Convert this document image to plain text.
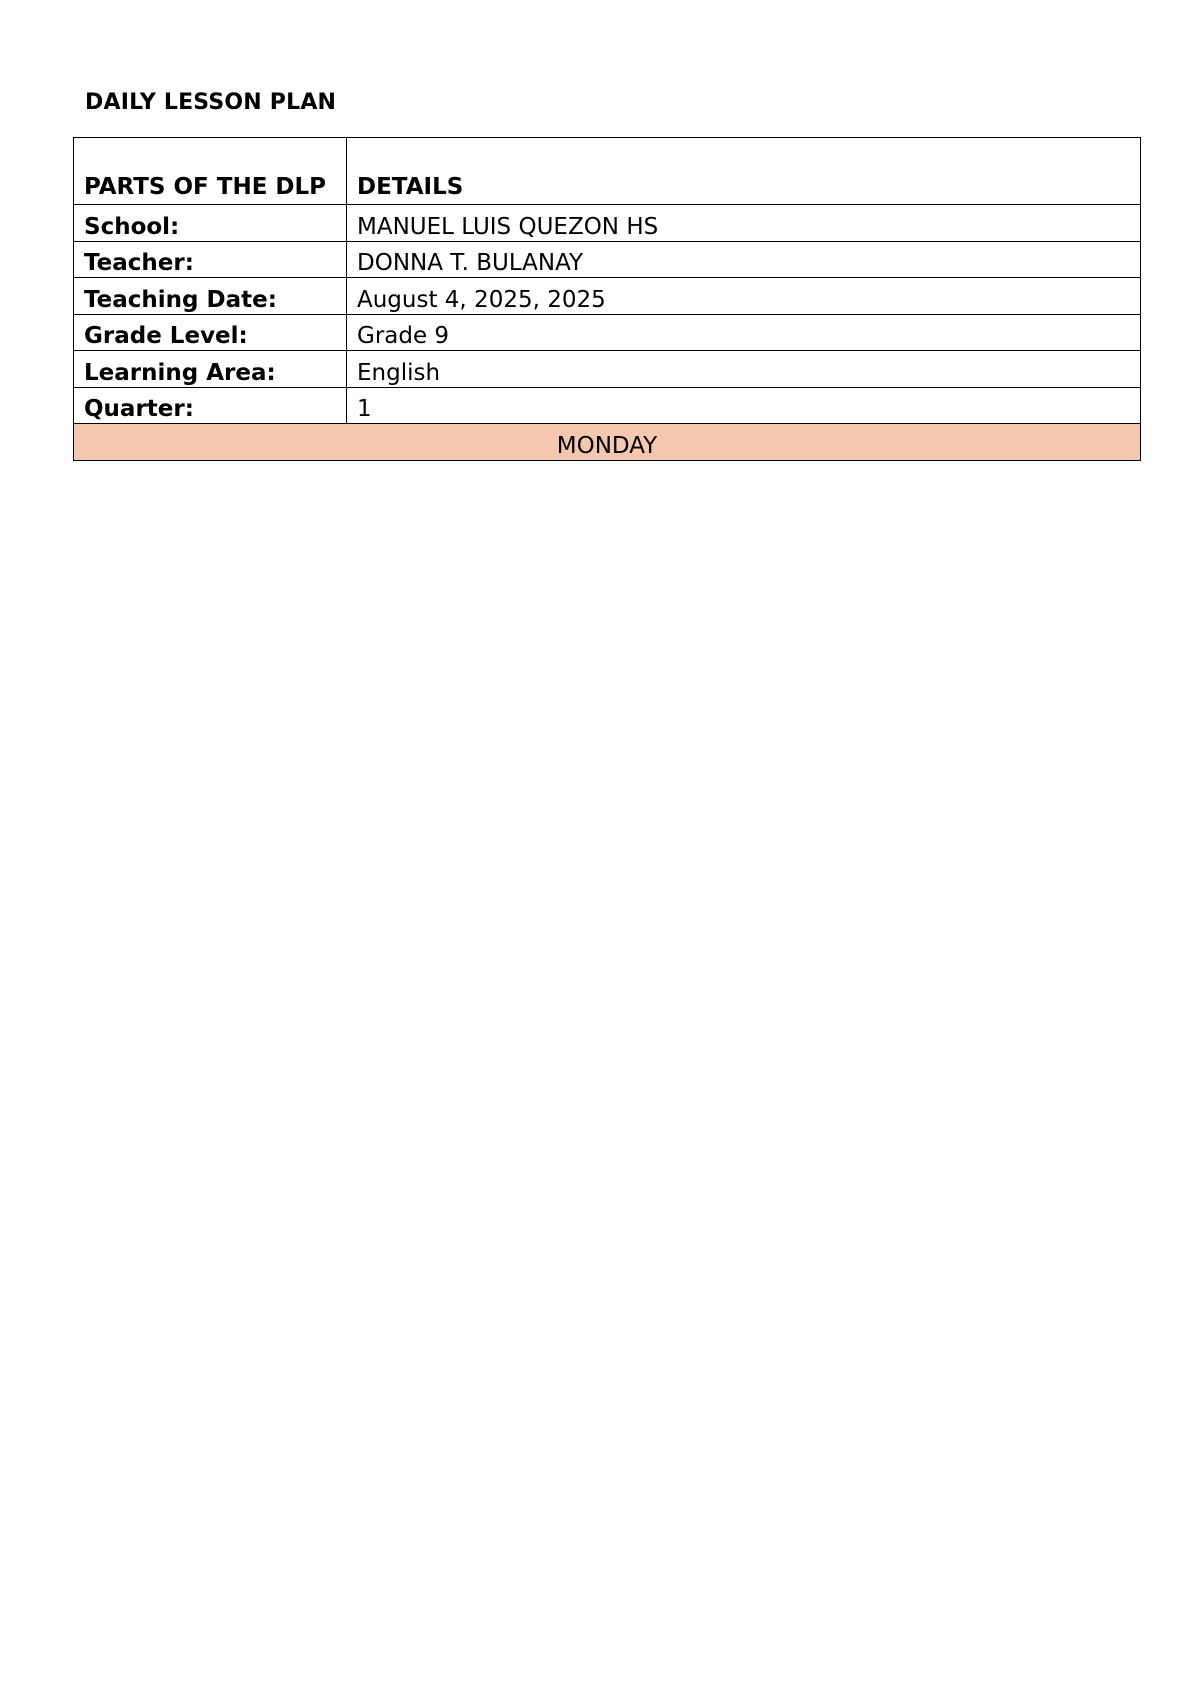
DAILY LESSON PLAN
PARTS OF THE DLP	DETAILS
School:	MANUEL LUIS QUEZON HS
Teacher:	DONNA T. BULANAY
Teaching Date:	August 4, 2025, 2025
Grade Level:	Grade 9
Learning Area:	English
Quarter:	1
MONDAY	
